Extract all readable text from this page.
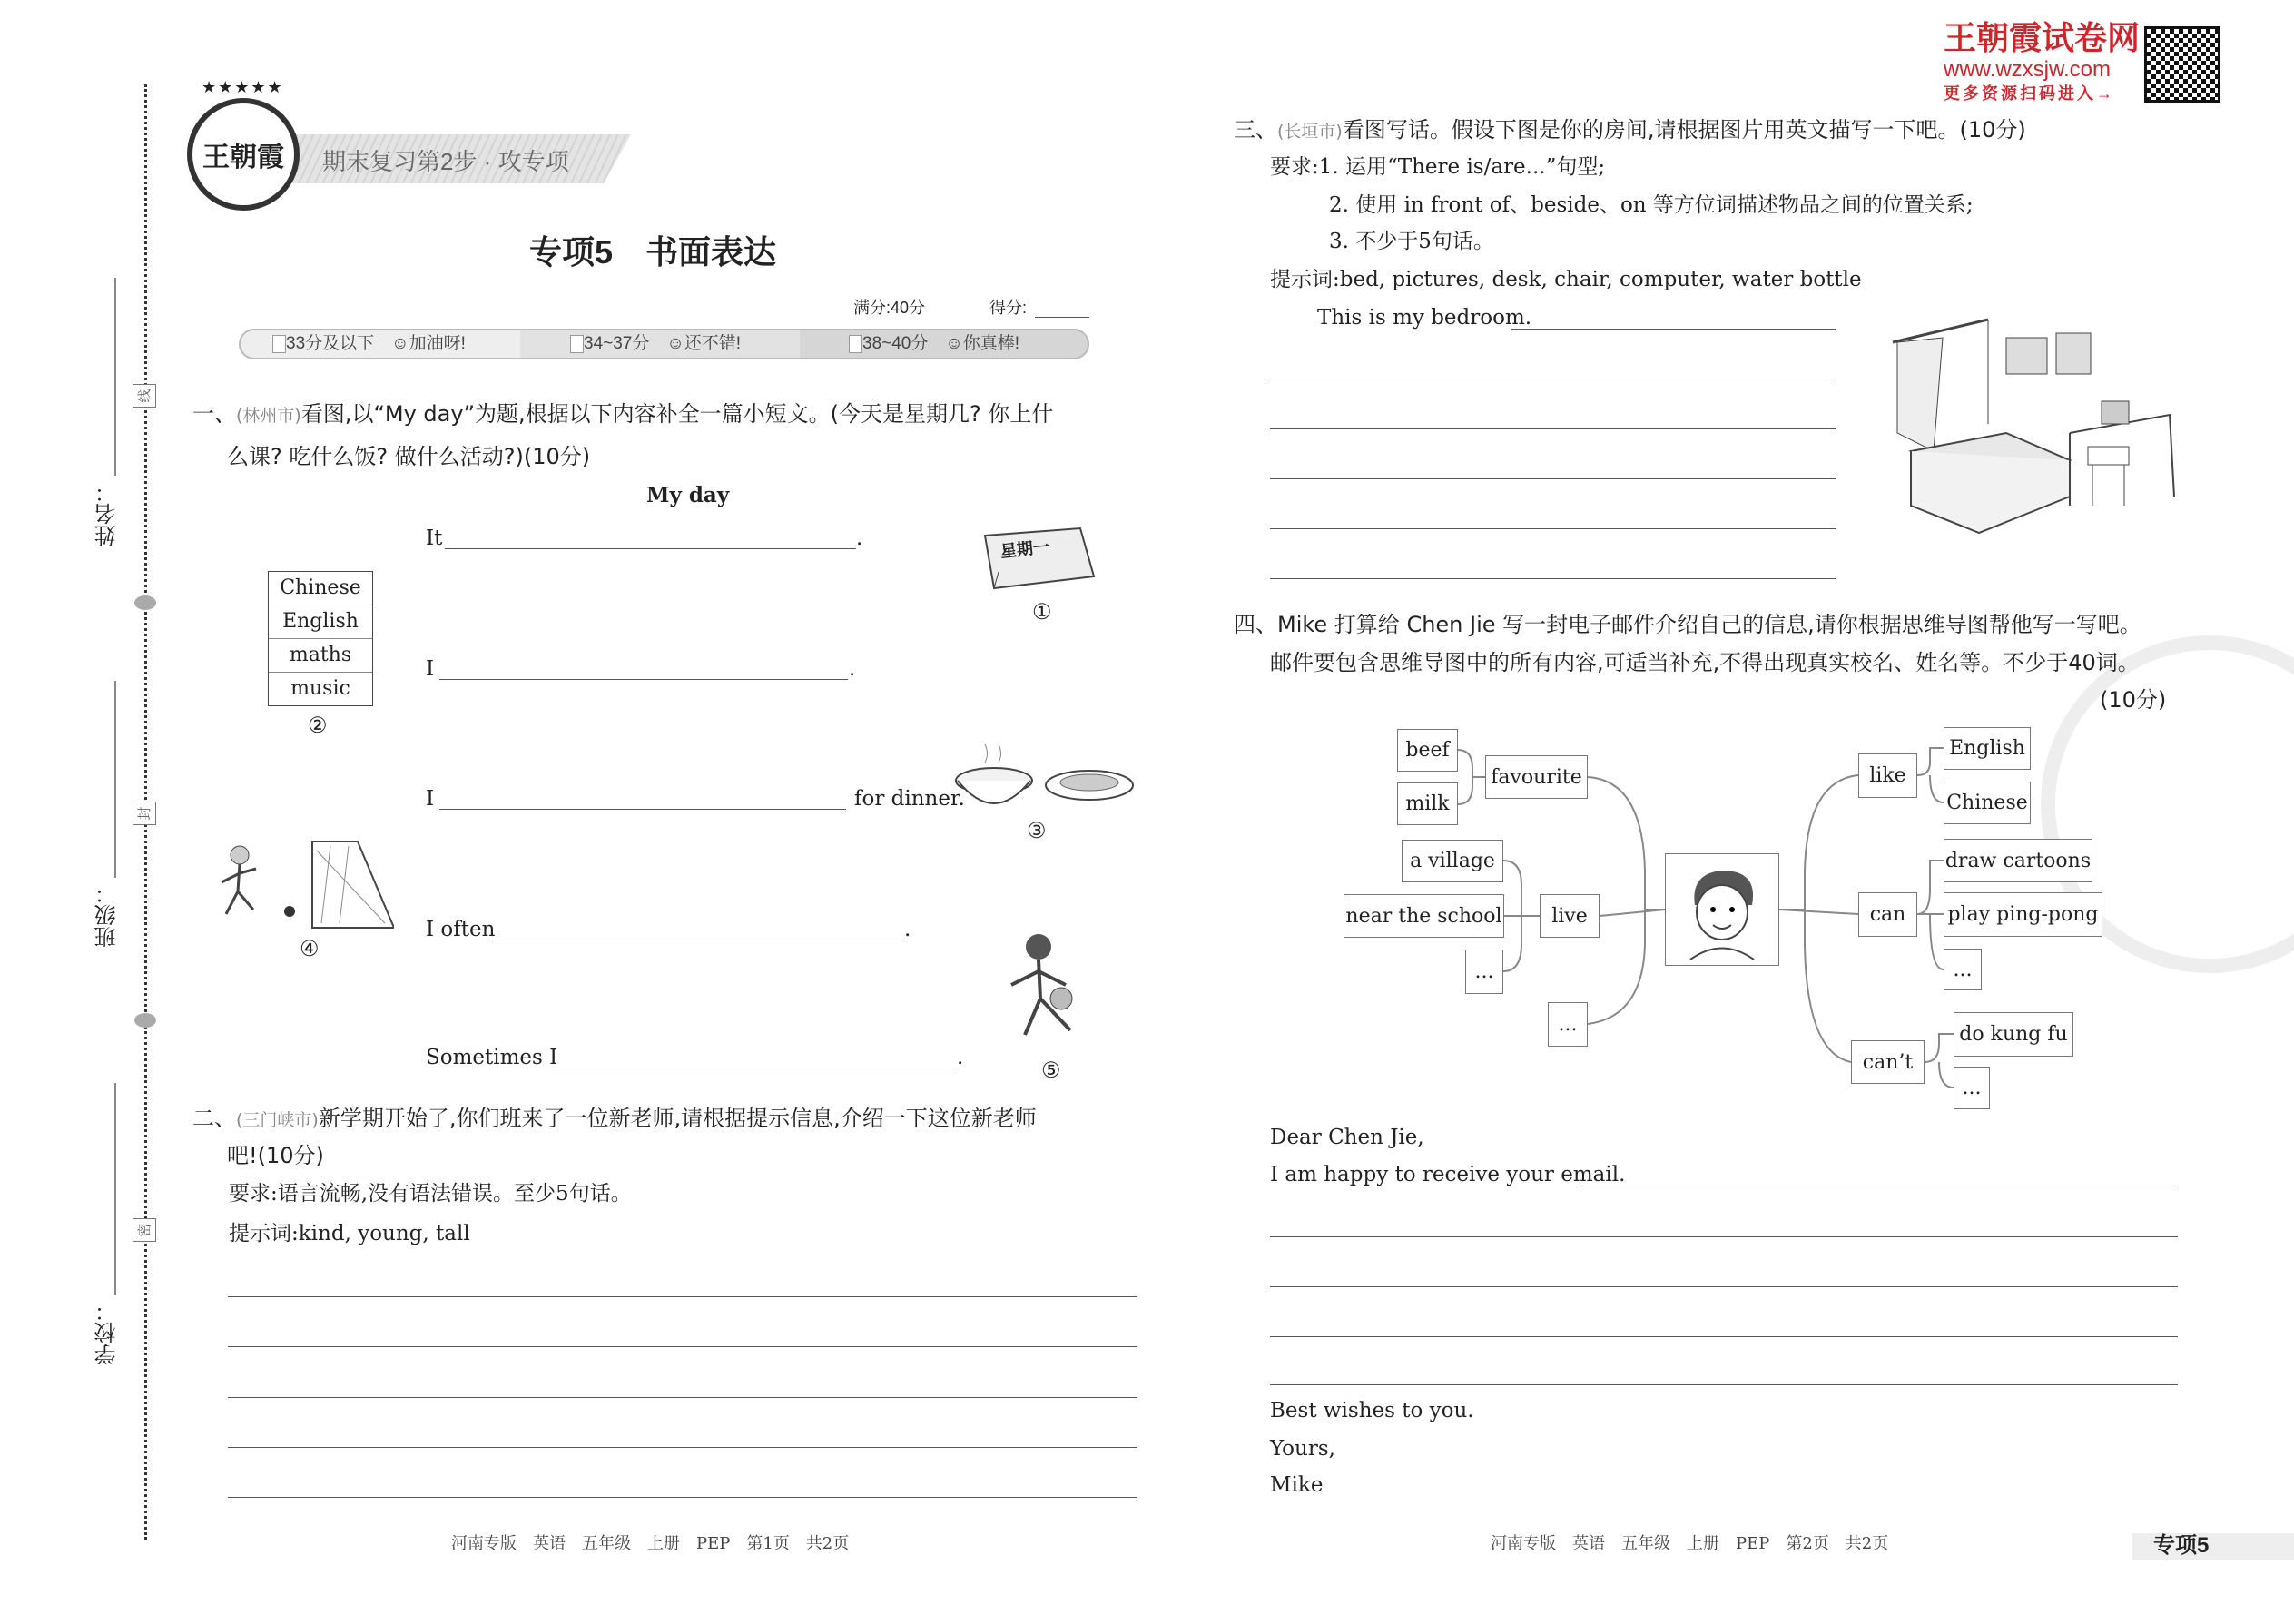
线
封
密
姓名：
班级：
学校：
期末复习第2步 · 攻专项
王朝霞
★★★★★
专项5　书面表达
满分:40分	得分:
33分及以下　 ☺加油呀!	34~37分　 ☺还不错!	38~40分　 ☺你真棒!
一、(林州市)看图,以“My day”为题,根据以下内容补全一篇小短文。(今天是星期几? 你上什
么课? 吃什么饭? 做什么活动?)(10分)
My day
It	.
I	.
I	for dinner.
I often	.
Sometimes I	.
星期一
①
Chinese
English
maths
music
②
③
④
⑤
二、(三门峡市)新学期开始了,你们班来了一位新老师,请根据提示信息,介绍一下这位新老师
吧!(10分)
要求:语言流畅,没有语法错误。至少5句话。
提示词:kind, young, tall
河南专版　英语　五年级　上册　PEP　第1页　共2页
王朝霞试卷网
www.wzxsjw.com
更多资源扫码进入→
三、(长垣市)看图写话。假设下图是你的房间,请根据图片用英文描写一下吧。(10分)
要求:1. 运用“There is/are...”句型;
2. 使用 in front of、beside、on 等方位词描述物品之间的位置关系;
3. 不少于5句话。
提示词:bed, pictures, desk, chair, computer, water bottle
This is my bedroom.
四、Mike 打算给 Chen Jie 写一封电子邮件介绍自己的信息,请你根据思维导图帮他写一写吧。
邮件要包含思维导图中的所有内容,可适当补充,不得出现真实校名、姓名等。不少于40词。
(10分)
beef
milk
favourite
a village
near the school	live
...
...
like
English
Chinese
can
draw cartoons
play ping-pong
...
can’t
do kung fu
...
Dear Chen Jie,
I am happy to receive your email.
Best wishes to you.
Yours,
Mike
河南专版　英语　五年级　上册　PEP　第2页　共2页	专项5
